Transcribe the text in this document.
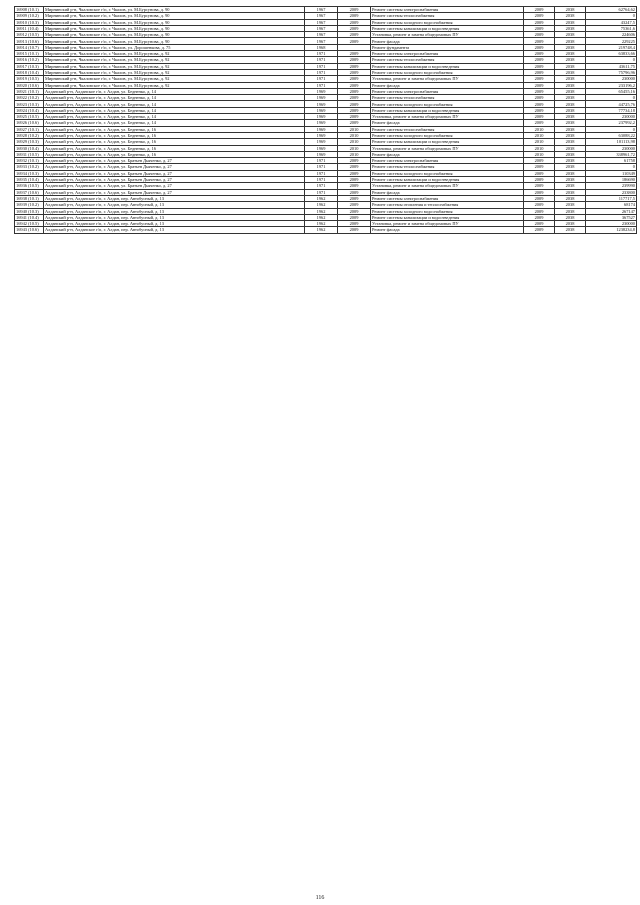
16908 (10.1)	Мирнинский р-н, Чкаловское г/п, г. Чкалов, ул. М.Бурсунова, д. 90	1967	2009	Ремонт системы электроснабжения	2009	2038	62764,62
16909 (10.2)	Мирнинский р-н, Чкаловское г/п, г. Чкалов, ул. М.Бурсунова, д. 90	1967	2009	Ремонт системы теплоснабжения	2009	2038	0
16910 (10.3)	Мирнинский р-н, Чкаловское г/п, г. Чкалов, ул. М.Бурсунова, д. 90	1967	2009	Ремонт системы холодного водоснабжения	2009	2038	43247,5
16911 (10.4)	Мирнинский р-н, Чкаловское г/п, г. Чкалов, ул. М.Бурсунова, д. 90	1967	2009	Ремонт системы канализации и водоотведения	2009	2038	75361,6
16912 (10.5)	Мирнинский р-н, Чкаловское г/п, г. Чкалов, ул. М.Бурсунова, д. 90	1967	2009	Установка, ремонт и замена общедомовых ПУ	2009	2038	224606
16913 (10.6)	Мирнинский р-н, Чкаловское г/п, г. Чкалов, ул. М.Бурсунова, д. 90	1967	2009	Ремонт фасада	2009	2038	229225
16914 (10.7)	Мирнинский р-н, Чкаловское г/п, г. Чкалов, ул. Дорошенкова, д. 75	1968		Ремонт фундамента	2009	2038	219748,4
16915 (10.1)	Мирнинский р-н, Чкаловское г/п, г. Чкалов, ул. М.Бурсунова, д. 92	1971	2009	Ремонт системы электроснабжения	2009	2038	63833,66
16916 (10.2)	Мирнинский р-н, Чкаловское г/п, г. Чкалов, ул. М.Бурсунова, д. 92	1971	2009	Ремонт системы теплоснабжения	2009	2038	0
16917 (10.3)	Мирнинский р-н, Чкаловское г/п, г. Чкалов, ул. М.Бурсунова, д. 92	1971	2009	Ремонт системы канализации и водоотведения	2009	2038	43611,75
16918 (10.4)	Мирнинский р-н, Чкаловское г/п, г. Чкалов, ул. М.Бурсунова, д. 92	1971	2009	Ремонт системы холодного водоснабжения	2009	2038	75796,96
16919 (10.5)	Мирнинский р-н, Чкаловское г/п, г. Чкалов, ул. М.Бурсунова, д. 92	1971	2009	Установка, ремонт и замена общедомовых ПУ	2009	2038	230000
16920 (10.6)	Мирнинский р-н, Чкаловское г/п, г. Чкалов, ул. М.Бурсунова, д. 92	1971	2009	Ремонт фасада	2009	2038	233196,2
16921 (10.1)	Алданский р-н, Алданское г/п, г. Алдан, ул. Бедненко, д. 14	1969	2009	Ремонт системы электроснабжения	2009	2038	65455,16
16922 (10.2)	Алданский р-н, Алданское г/п, г. Алдан, ул. Бедненко, д. 14	1969	2009	Ремонт системы теплоснабжения	2009	2038	0
16923 (10.3)	Алданский р-н, Алданское г/п, г. Алдан, ул. Бедненко, д. 14	1969	2009	Ремонт системы холодного водоснабжения	2009	2038	44725,76
16924 (10.4)	Алданский р-н, Алданское г/п, г. Алдан, ул. Бедненко, д. 14	1969	2009	Ремонт системы канализации и водоотведения	2009	2038	77734,18
16925 (10.5)	Алданский р-н, Алданское г/п, г. Алдан, ул. Бедненко, д. 14	1969	2009	Установка, ремонт и замена общедомовых ПУ	2009	2038	230000
16926 (10.6)	Алданский р-н, Алданское г/п, г. Алдан, ул. Бедненко, д. 14	1969	2009	Ремонт фасада	2009	2038	237992,2
16927 (10.1)	Алданский р-н, Алданское г/п, г. Алдан, ул. Бедненко, д. 16	1969	2010	Ремонт системы теплоснабжения	2010	2038	0
16928 (10.2)	Алданский р-н, Алданское г/п, г. Алдан, ул. Бедненко, д. 16	1969	2010	Ремонт системы холодного водоснабжения	2010	2038	63088,22
16929 (10.3)	Алданский р-н, Алданское г/п, г. Алдан, ул. Бедненко, д. 16	1969	2010	Ремонт системы канализации и водоотведения	2010	2038	101113,98
16930 (10.4)	Алданский р-н, Алданское г/п, г. Алдан, ул. Бедненко, д. 16	1969	2010	Установка, ремонт и замена общедомовых ПУ	2010	2038	230000
16931 (10.5)	Алданский р-н, Алданское г/п, г. Алдан, ул. Бедненко, д. 16	1969	2010	Ремонт фасада	2010	2038	338961,72
16932 (10.1)	Алданский р-н, Алданское г/п, г. Алдан, ул. Братьев Дьяченко, д. 27	1971	2009	Ремонт системы электроснабжения	2009	2038	61758
16933 (10.2)	Алданский р-н, Алданское г/п, г. Алдан, ул. Братьев Дьяченко, д. 27	1971	2009	Ремонт системы теплоснабжения	2009	2038	0
16934 (10.3)	Алданский р-н, Алданское г/п, г. Алдан, ул. Братьев Дьяченко, д. 27	1971	2009	Ремонт системы холодного водоснабжения	2009	2038	110349
16935 (10.4)	Алданский р-н, Алданское г/п, г. Алдан, ул. Братьев Дьяченко, д. 27	1971	2009	Ремонт системы канализации и водоотведения	2009	2038	186690
16936 (10.5)	Алданский р-н, Алданское г/п, г. Алдан, ул. Братьев Дьяченко, д. 27	1971	2009	Установка, ремонт и замена общедомовых ПУ	2009	2038	239990
16937 (10.6)	Алданский р-н, Алданское г/п, г. Алдан, ул. Братьев Дьяченко, д. 27	1971	2009	Ремонт фасада	2009	2038	233800
16938 (10.1)	Алданский р-н, Алданское г/п, г. Алдан, пер. Автобусный, д. 13	1962	2009	Ремонт системы электроснабжения	2009	2038	117717,5
16939 (10.2)	Алданский р-н, Алданское г/п, г. Алдан, пер. Автобусный, д. 13	1962	2009	Ремонт системы отопления и теплоснабжения	2009	2038	68174
16940 (10.3)	Алданский р-н, Алданское г/п, г. Алдан, пер. Автобусный, д. 13	1962	2009	Ремонт системы холодного водоснабжения	2009	2038	267147
16941 (10.4)	Алданский р-н, Алданское г/п, г. Алдан, пер. Автобусный, д. 13	1962	2009	Ремонт системы канализации и водоотведения	2009	2038	367527
16942 (10.5)	Алданский р-н, Алданское г/п, г. Алдан, пер. Автобусный, д. 13	1962	2009	Установка, ремонт и замена общедомовых ПУ	2009	2038	230000
16943 (10.6)	Алданский р-н, Алданское г/п, г. Алдан, пер. Автобусный, д. 13	1962	2009	Ремонт фасада	2009	2038	1238234,8
116
